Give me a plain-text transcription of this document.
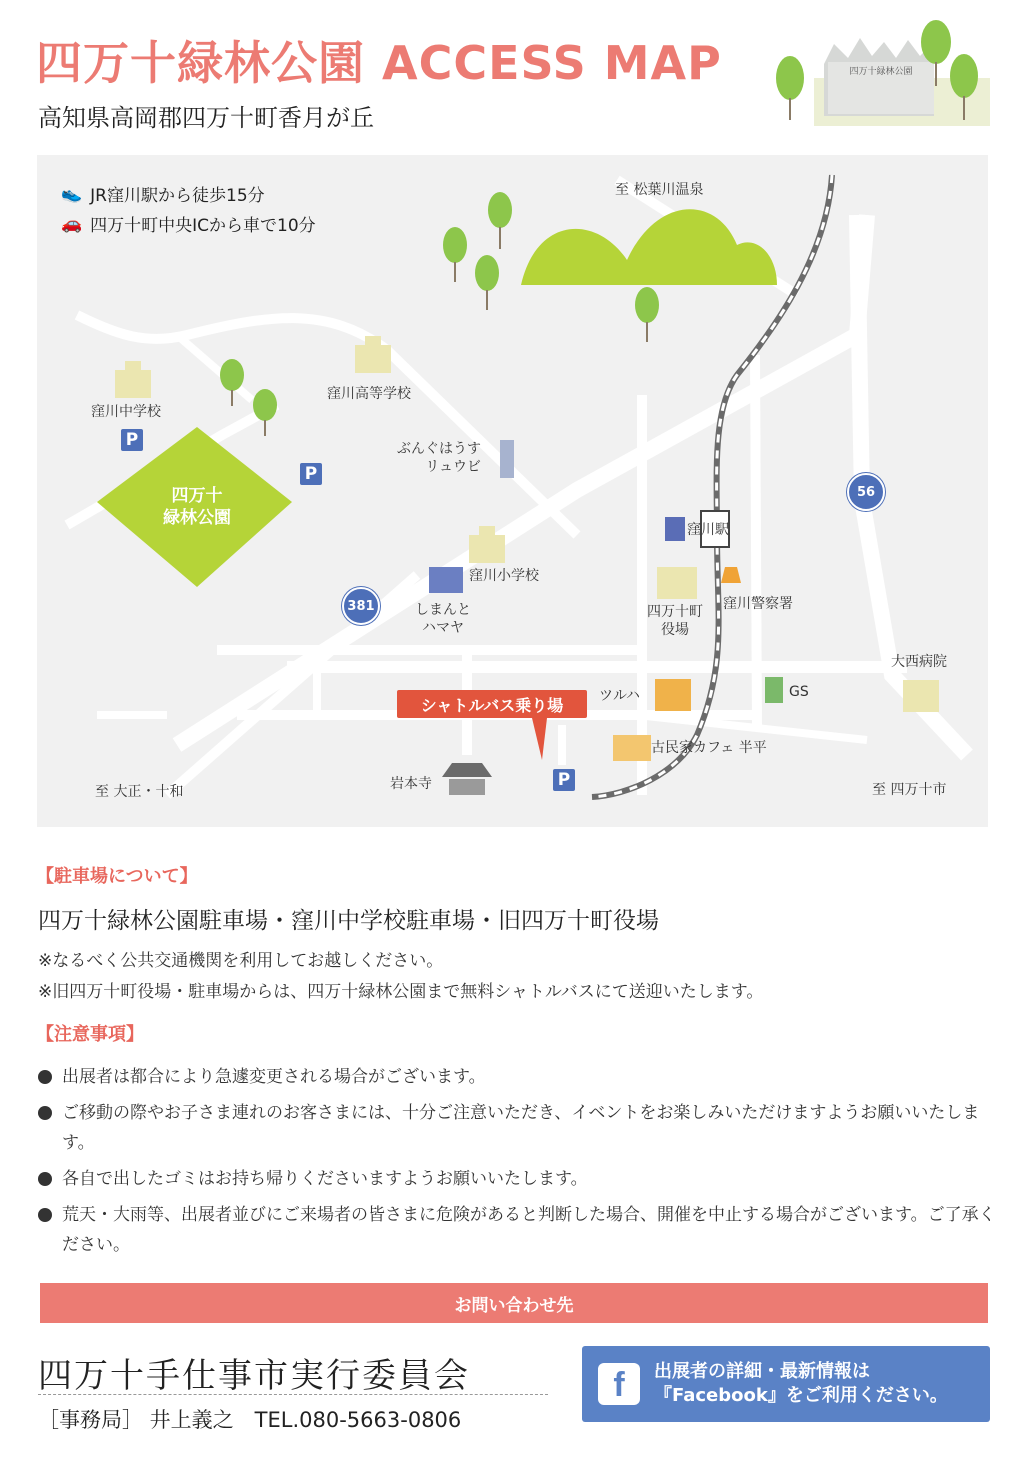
四万十緑林公園 ACCESS MAP

高知県高岡郡四万十町香月が丘

四万十緑林公園
👟 JR窪川駅から徒歩15分
🚗 四万十町中央ICから車で10分
至 松葉川温泉
至 大正・十和	至 四万十市
窪川中学校
窪川高等学校
ぶんぐはうす
リュウビ
窪川小学校
しまんと
ハマヤ
窪川駅
窪川警察署
四万十町
役場
大西病院
GS
ツルハ
古民家カフェ 半平
岩本寺
四万十
緑林公園
P
P
P
381
56
シャトルバス乗り場
【駐車場について】
四万十緑林公園駐車場・窪川中学校駐車場・旧四万十町役場
※なるべく公共交通機関を利用してお越しください。
※旧四万十町役場・駐車場からは、四万十緑林公園まで無料シャトルバスにて送迎いたします。
【注意事項】
出展者は都合により急遽変更される場合がございます。
ご移動の際やお子さま連れのお客さまには、十分ご注意いただき、イベントをお楽しみいただけますようお願いいたします。
各自で出したゴミはお持ち帰りくださいますようお願いいたします。
荒天・大雨等、出展者並びにご来場者の皆さまに危険があると判断した場合、開催を中止する場合がございます。ご了承ください。
お問い合わせ先
四万十手仕事市実行委員会
［事務局］ 井上義之　TEL.080-5663-0806
f	出展者の詳細・最新情報は
『Facebook』をご利用ください。
